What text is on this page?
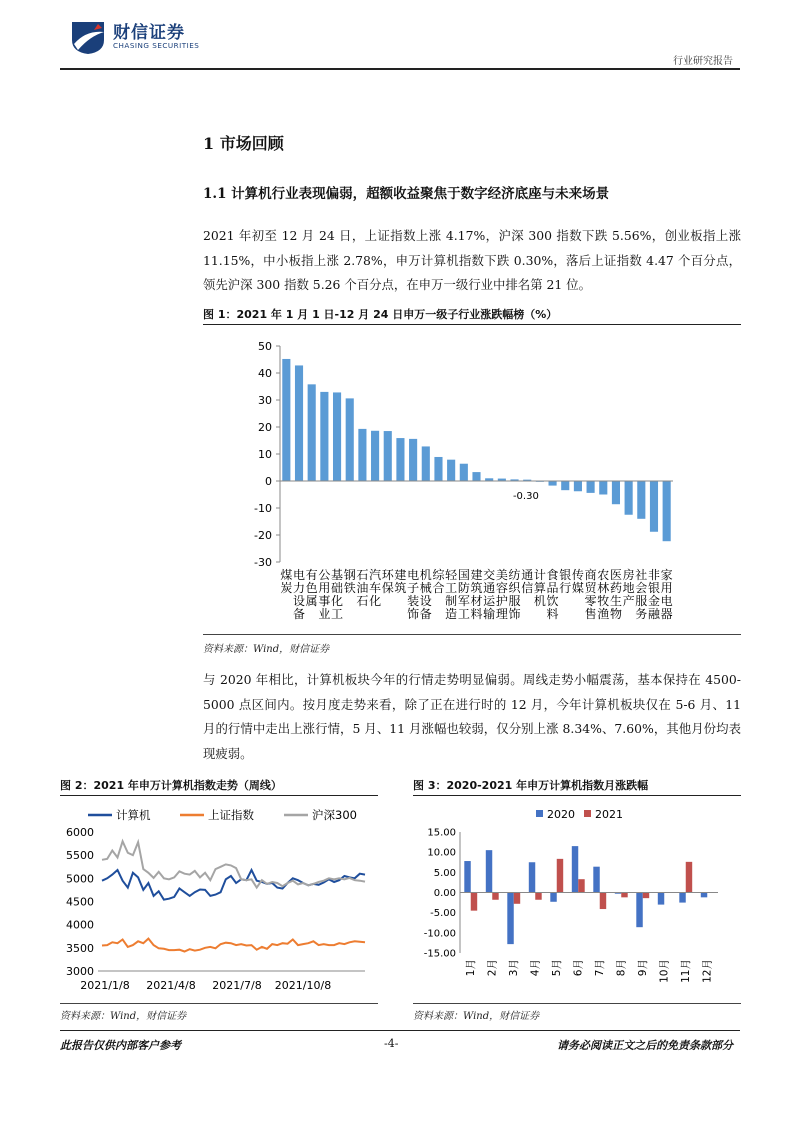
财信证券
CHASING SECURITIES
行业研究报告
1 市场回顾
1.1 计算机行业表现偏弱，超额收益聚焦于数字经济底座与未来场景
2021 年初至 12 月 24 日，上证指数上涨 4.17%，沪深 300 指数下跌 5.56%，创业板指上涨 11.15%，中小板指上涨 2.78%，申万计算机指数下跌 0.30%，落后上证指数 4.47 个百分点，领先沪深 300 指数 5.26 个百分点，在申万一级行业中排名第 21 位。
图 1：2021 年 1 月 1 日-12 月 24 日申万一级子行业涨跌幅榜（%）
50
40
30
20
10
0
-10
-20
-30
-0.30
煤
炭
电
力
设
备
有
色
属
公
用
事
业
基
础
化
工
钢
铁
石
油
石
汽
车
化
环
保
建
筑
电
子
装
饰
机
械
设
备
综
合
轻
工
制
造
国
防
军
工
建
筑
材
料
交
通
运
输
美
容
护
理
纺
织
服
饰
通
信
计
算
机
食
品
饮
料
银
行
传
媒
商
贸
零
售
农
林
牧
渔
医
药
生
物
房
地
产
社
会
服
务
非
银
金
融
家
用
电
器
资料来源：Wind，财信证券
与 2020 年相比，计算机板块今年的行情走势明显偏弱。周线走势小幅震荡，基本保持在 4500-5000 点区间内。按月度走势来看，除了正在进行时的 12 月，今年计算机板块仅在 5-6 月、11 月的行情中走出上涨行情，5 月、11 月涨幅也较弱，仅分别上涨 8.34%、7.60%，其他月份均表现疲弱。
图 2：2021 年申万计算机指数走势（周线）
6000
5500
5000
4500
4000
3500
3000
2021/1/8 2021/4/8 2021/7/8 2021/10/8
计算机	上证指数	沪深300
资料来源：Wind，财信证券
图 3：2020-2021 年申万计算机指数月涨跌幅
15.00
10.00
5.00
0.00
-5.00
-10.00
-15.00
2020 2021
1月 2月 3月 4月 5月 6月 7月 8月 9月 10月 11月 12月
资料来源：Wind，财信证券
此报告仅供内部客户参考	-4-	请务必阅读正文之后的免责条款部分
